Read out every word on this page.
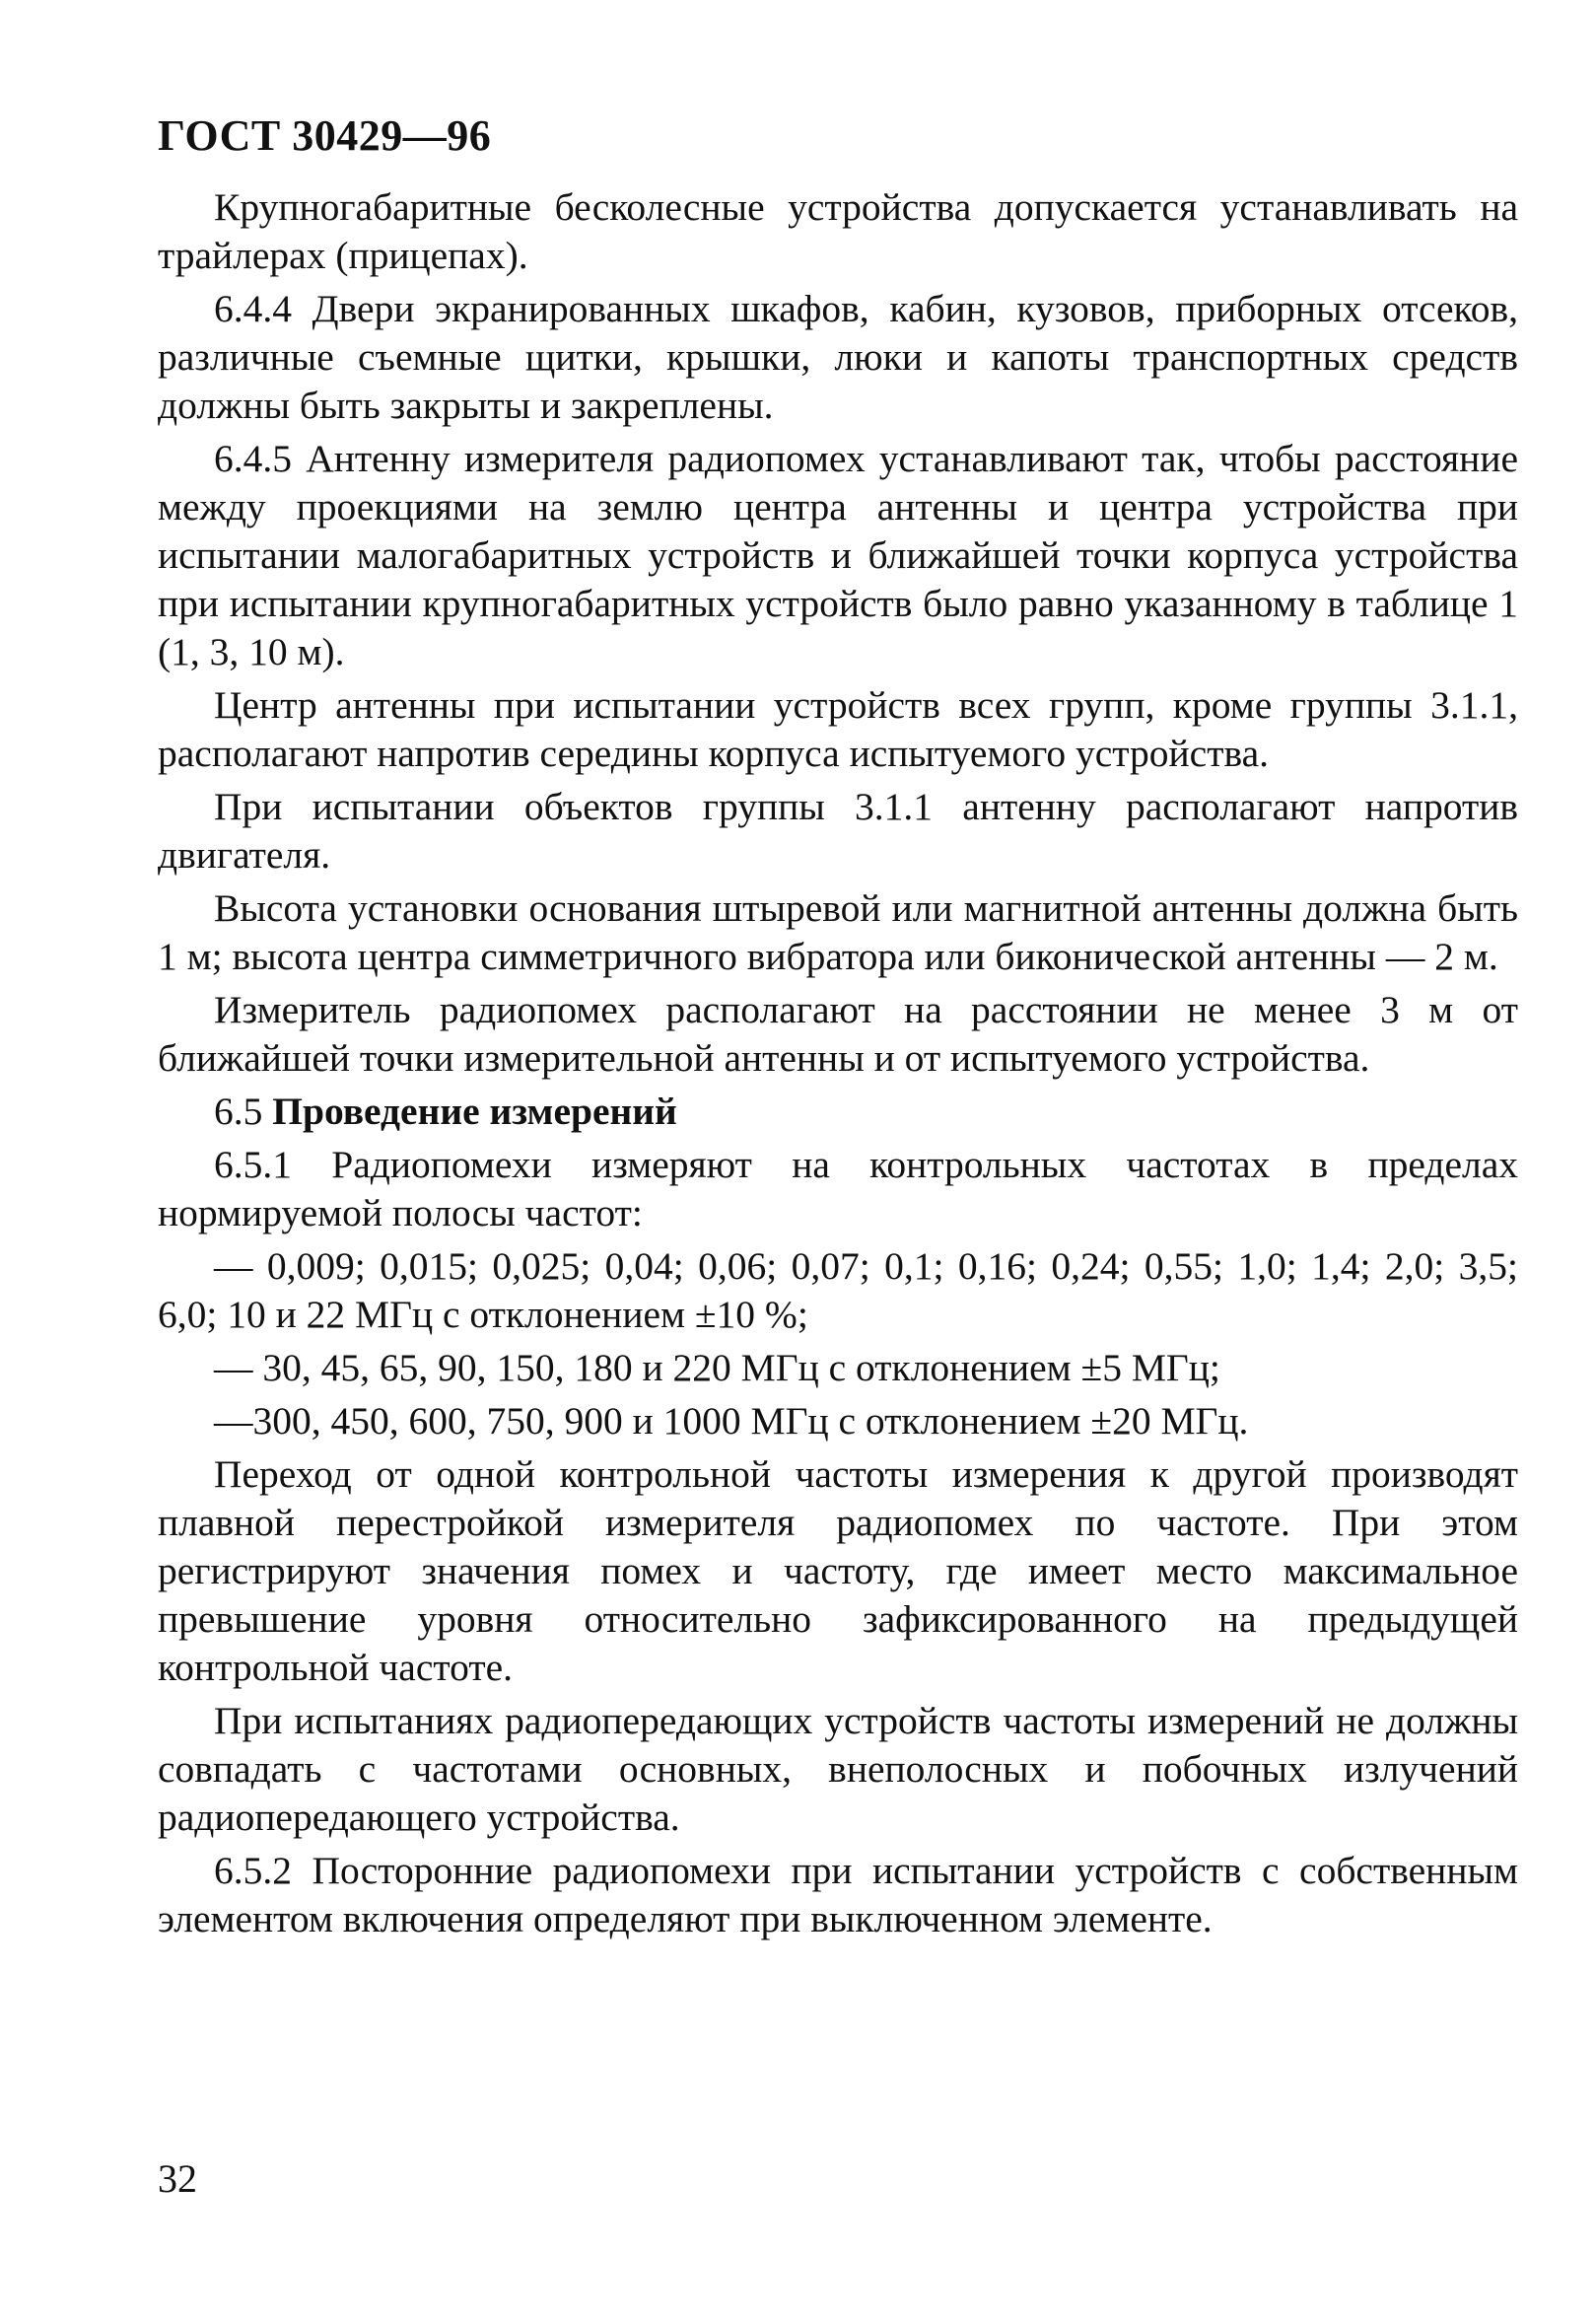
ГОСТ 30429—96

Крупногабаритные бесколесные устройства допускается устанавливать на трайлерах (прицепах).

6.4.4 Двери экранированных шкафов, кабин, кузовов, приборных отсеков, различные съемные щитки, крышки, люки и капоты транспортных средств должны быть закрыты и закреплены.

6.4.5 Антенну измерителя радиопомех устанавливают так, чтобы расстояние между проекциями на землю центра антенны и центра устройства при испытании малогабаритных устройств и ближайшей точки корпуса устройства при испытании крупногабаритных устройств было равно указанному в таблице 1 (1, 3, 10 м).

Центр антенны при испытании устройств всех групп, кроме группы 3.1.1, располагают напротив середины корпуса испытуемого устройства.

При испытании объектов группы 3.1.1 антенну располагают напротив двигателя.

Высота установки основания штыревой или магнитной антенны должна быть 1 м; высота центра симметричного вибратора или биконической антенны — 2 м.

Измеритель радиопомех располагают на расстоянии не менее 3 м от ближайшей точки измерительной антенны и от испытуемого устройства.

6.5 Проведение измерений

6.5.1 Радиопомехи измеряют на контрольных частотах в пределах нормируемой полосы частот:

— 0,009; 0,015; 0,025; 0,04; 0,06; 0,07; 0,1; 0,16; 0,24; 0,55; 1,0; 1,4; 2,0; 3,5; 6,0; 10 и 22 МГц с отклонением ±10 %;

— 30, 45, 65, 90, 150, 180 и 220 МГц с отклонением ±5 МГц;

—300, 450, 600, 750, 900 и 1000 МГц с отклонением ±20 МГц.

Переход от одной контрольной частоты измерения к другой производят плавной перестройкой измерителя радиопомех по частоте. При этом регистрируют значения помех и частоту, где имеет место максимальное превышение уровня относительно зафиксированного на предыдущей контрольной частоте.

При испытаниях радиопередающих устройств частоты измерений не должны совпадать с частотами основных, внеполосных и побочных излучений радиопередающего устройства.

6.5.2 Посторонние радиопомехи при испытании устройств с собственным элементом включения определяют при выключенном элементе.

32
